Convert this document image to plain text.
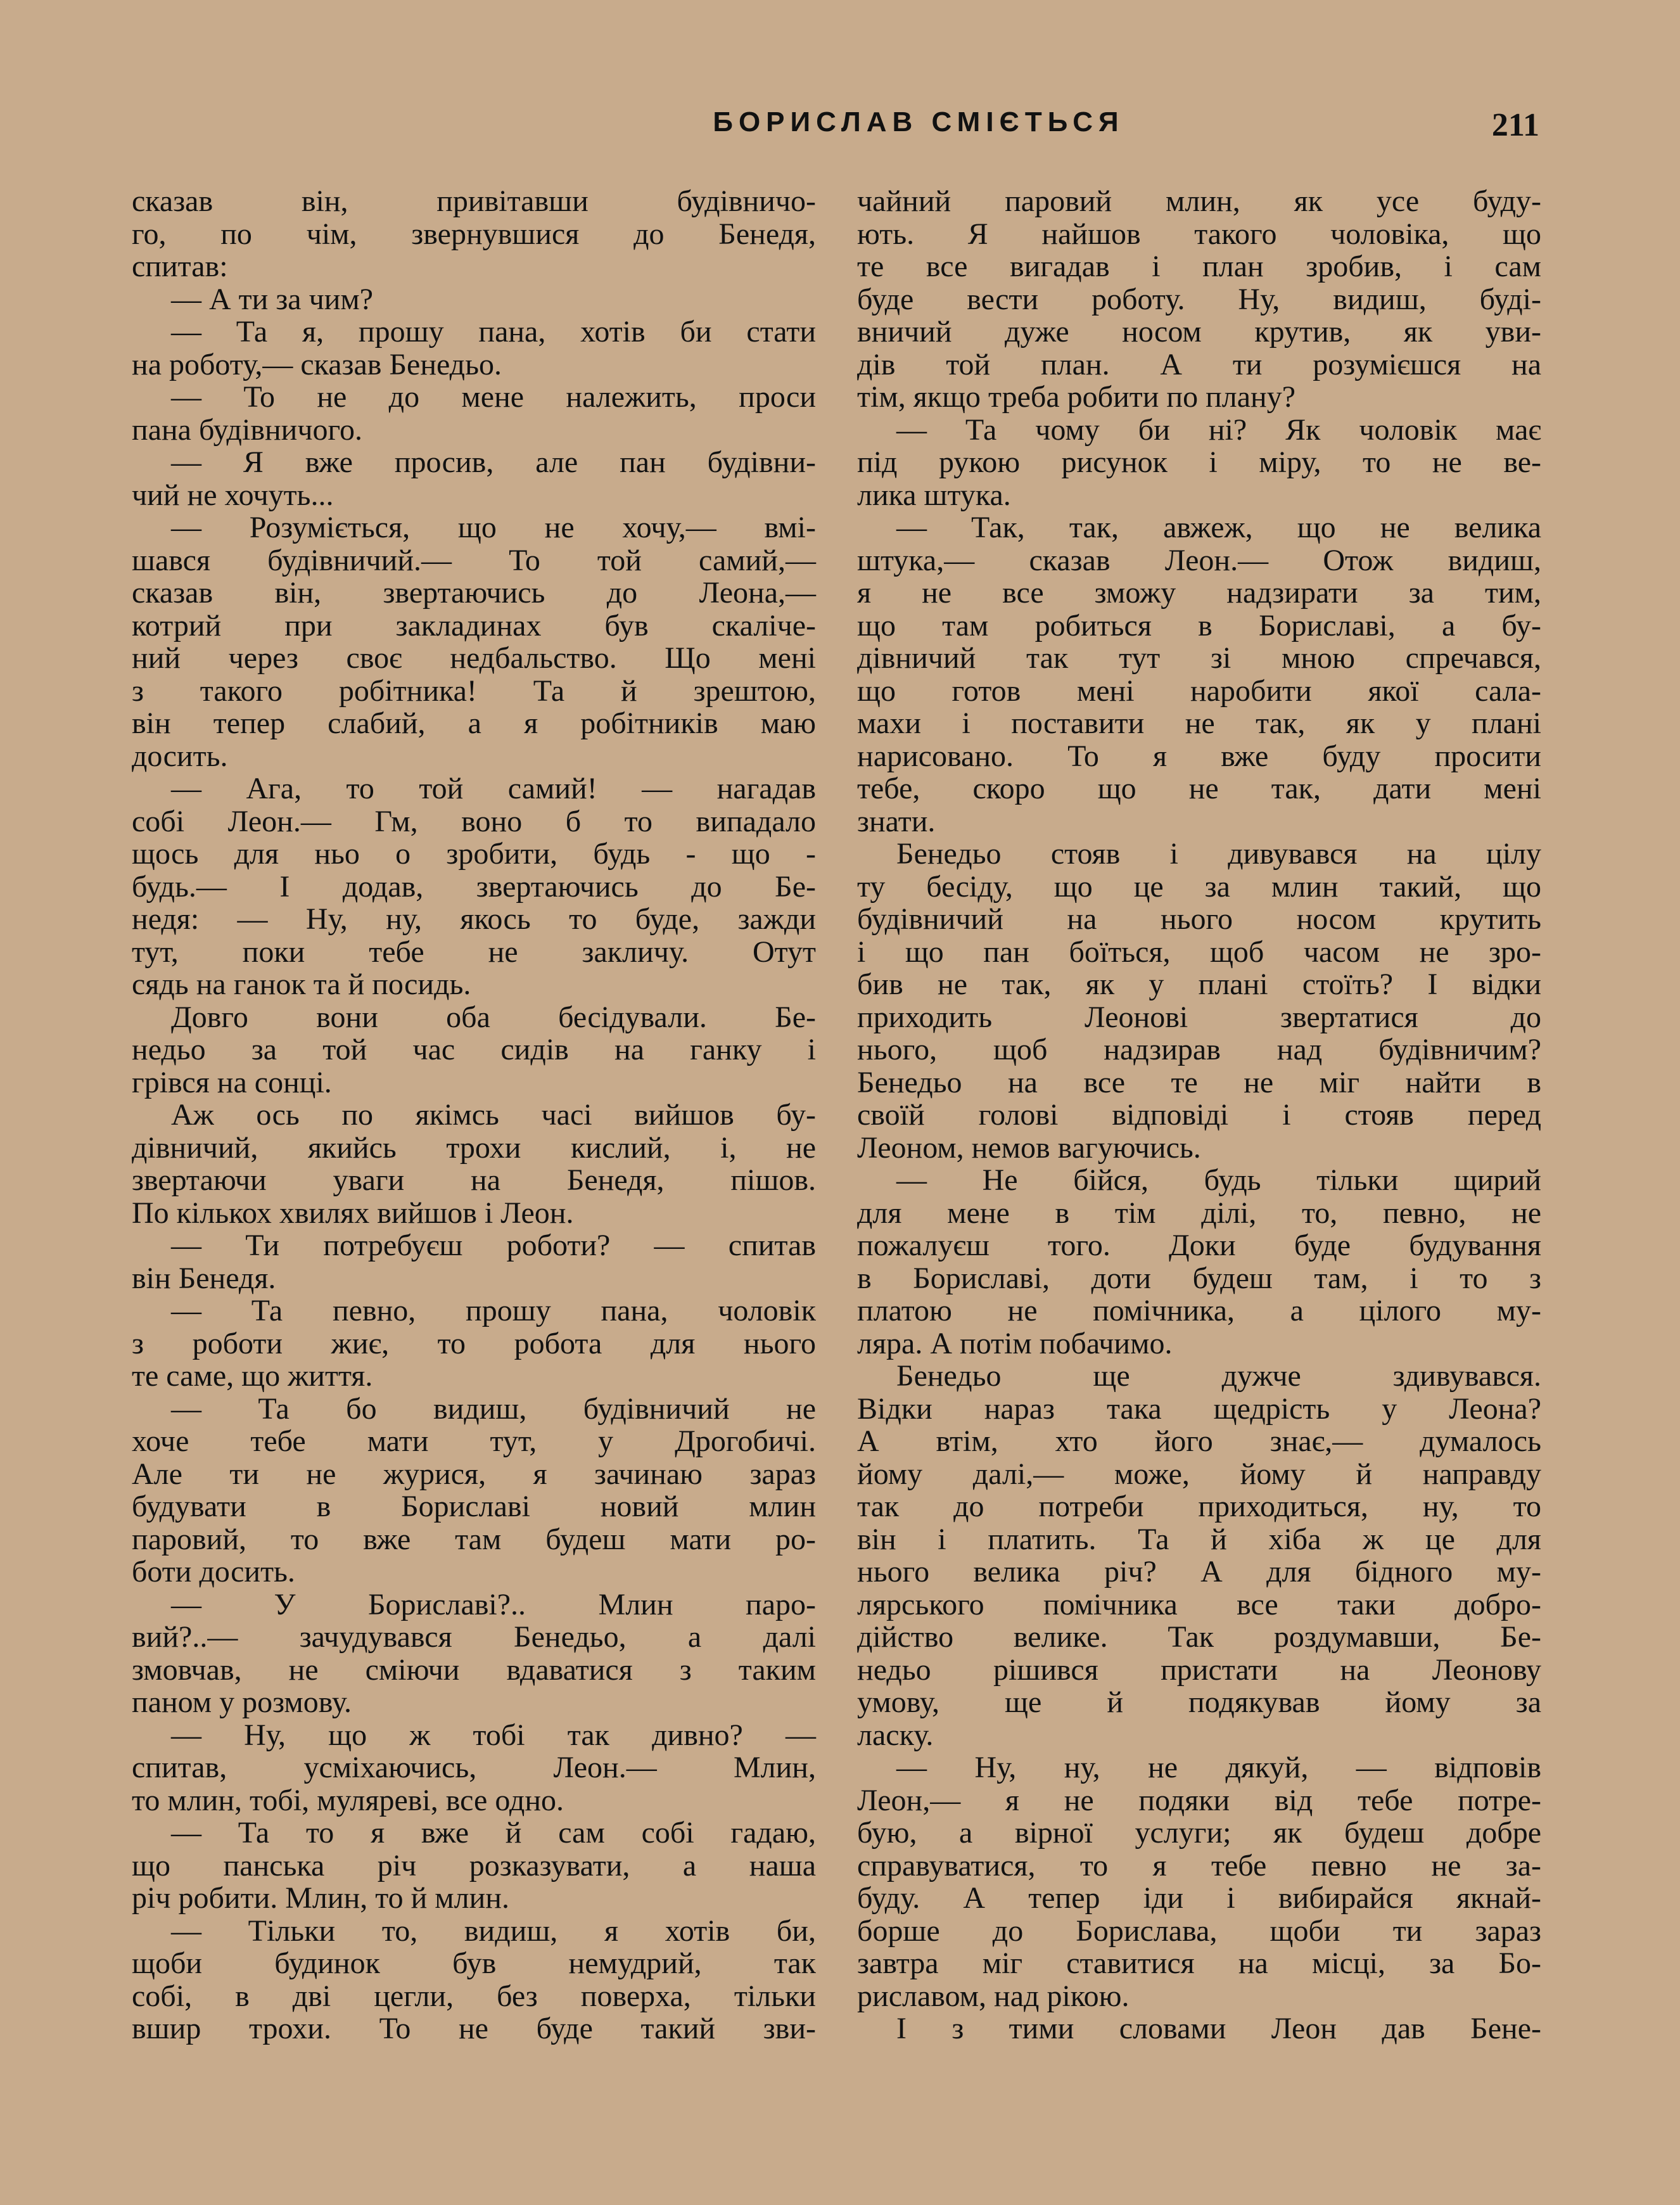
БОРИСЛАВ СМІЄТЬСЯ	211
сказав він, привітавши будівничо-
го, по чім, звернувшися до Бенедя,
спитав:
— А ти за чим?
— Та я, прошу пана, хотів би стати
на роботу,— сказав Бенедьо.
— То не до мене належить, проси
пана будівничого.
— Я вже просив, але пан будівни-
чий не хочуть...
— Розуміється, що не хочу,— вмі-
шався будівничий.— То той самий,—
сказав він, звертаючись до Леона,—
котрий при закладинах був скаліче-
ний через своє недбальство. Що мені
з такого робітника! Та й зрештою,
він тепер слабий, а я робітників маю
досить.
— Ага, то той самий! — нагадав
собі Леон.— Гм, воно б то випадало
щось для ньо о зробити, будь - що -
будь.— І додав, звертаючись до Бе-
недя: — Ну, ну, якось то буде, зажди
тут, поки тебе не закличу. Отут
сядь на ганок та й посидь.
Довго вони оба бесідували. Бе-
недьо за той час сидів на ганку і
грівся на сонці.
Аж ось по якімсь часі вийшов бу-
дівничий, якийсь трохи кислий, і, не
звертаючи уваги на Бенедя, пішов.
По кількох хвилях вийшов і Леон.
— Ти потребуєш роботи? — спитав
він Бенедя.
— Та певно, прошу пана, чоловік
з роботи жиє, то робота для нього
те саме, що життя.
— Та бо видиш, будівничий не
хоче тебе мати тут, у Дрогобичі.
Але ти не журися, я зачинаю зараз
будувати в Бориславі новий млин
паровий, то вже там будеш мати ро-
боти досить.
— У Бориславі?.. Млин паро-
вий?..— зачудувався Бенедьо, а далі
змовчав, не сміючи вдаватися з таким
паном у розмову.
— Ну, що ж тобі так дивно? —
спитав, усміхаючись, Леон.— Млин,
то млин, тобі, муляреві, все одно.
— Та то я вже й сам собі гадаю,
що панська річ розказувати, а наша
річ робити. Млин, то й млин.
— Тільки то, видиш, я хотів би,
щоби будинок був немудрий, так
собі, в дві цегли, без поверха, тільки
вшир трохи. То не буде такий зви-
чайний паровий млин, як усе буду-
ють. Я найшов такого чоловіка, що
те все вигадав і план зробив, і сам
буде вести роботу. Ну, видиш, буді-
вничий дуже носом крутив, як уви-
дів той план. А ти розумієшся на
тім, якщо треба робити по плану?
— Та чому би ні? Як чоловік має
під рукою рисунок і міру, то не ве-
лика штука.
— Так, так, авжеж, що не велика
штука,— сказав Леон.— Отож видиш,
я не все зможу надзирати за тим,
що там робиться в Бориславі, а бу-
дівничий так тут зі мною спречався,
що готов мені наробити якої сала-
махи і поставити не так, як у плані
нарисовано. То я вже буду просити
тебе, скоро що не так, дати мені
знати.
Бенедьо стояв і дивувався на цілу
ту бесіду, що це за млин такий, що
будівничий на нього носом крутить
і що пан боїться, щоб часом не зро-
бив не так, як у плані стоїть? І відки
приходить Леонові звертатися до
нього, щоб надзирав над будівничим?
Бенедьо на все те не міг найти в
своїй голові відповіді і стояв перед
Леоном, немов вагуючись.
— Не бійся, будь тільки щирий
для мене в тім ділі, то, певно, не
пожалуєш того. Доки буде будування
в Бориславі, доти будеш там, і то з
платою не помічника, а цілого му-
ляра. А потім побачимо.
Бенедьо ще дужче здивувався.
Відки нараз така щедрість у Леона?
А втім, хто його знає,— думалось
йому далі,— може, йому й направду
так до потреби приходиться, ну, то
він і платить. Та й хіба ж це для
нього велика річ? А для бідного му-
лярського помічника все таки добро-
дійство велике. Так роздумавши, Бе-
недьо рішився пристати на Леонову
умову, ще й подякував йому за
ласку.
— Ну, ну, не дякуй, — відповів
Леон,— я не подяки від тебе потре-
бую, а вірної услуги; як будеш добре
справуватися, то я тебе певно не за-
буду. А тепер іди і вибирайся якнай-
борше до Борислава, щоби ти зараз
завтра міг ставитися на місці, за Бо-
риславом, над рікою.
І з тими словами Леон дав Бене-
